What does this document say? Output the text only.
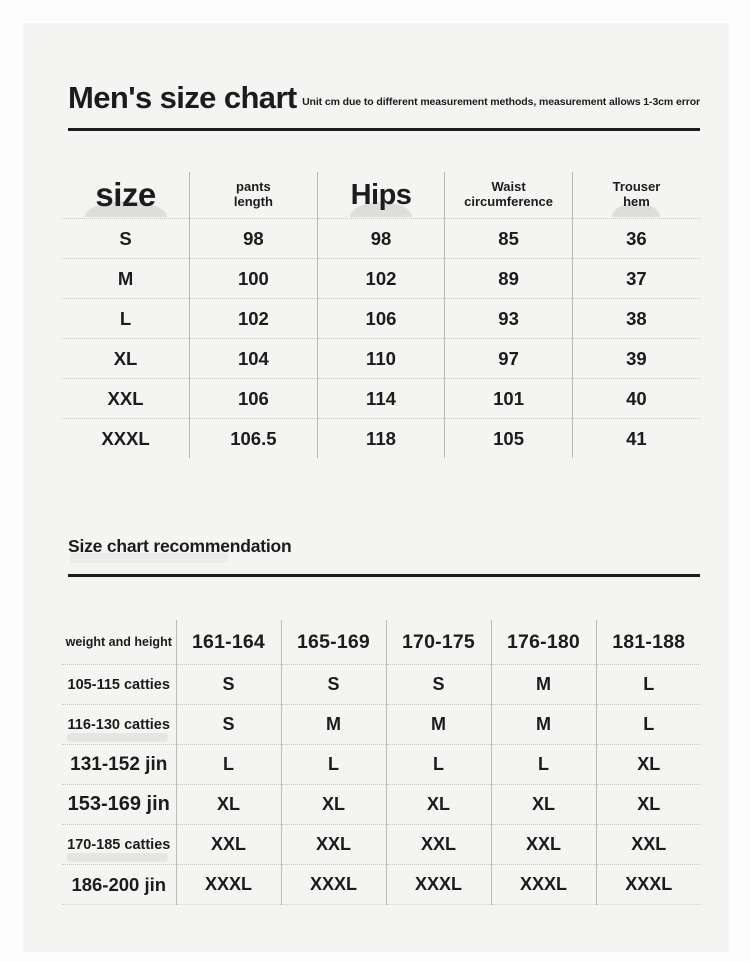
Men's size chart Unit cm due to different measurement methods, measurement allows 1-3cm error

size	pants length	Hips	Waist circumference	Trouser hem
S	98	98	85	36
M	100	102	89	37
L	102	106	93	38
XL	104	110	97	39
XXL	106	114	101	40
XXXL	106.5	118	105	41
Size chart recommendation
weight and height	161-164	165-169	170-175	176-180	181-188
105-115 catties	S	S	S	M	L
116-130 catties	S	M	M	M	L
131-152 jin	L	L	L	L	XL
153-169 jin	XL	XL	XL	XL	XL
170-185 catties	XXL	XXL	XXL	XXL	XXL
186-200 jin	XXXL	XXXL	XXXL	XXXL	XXXL
